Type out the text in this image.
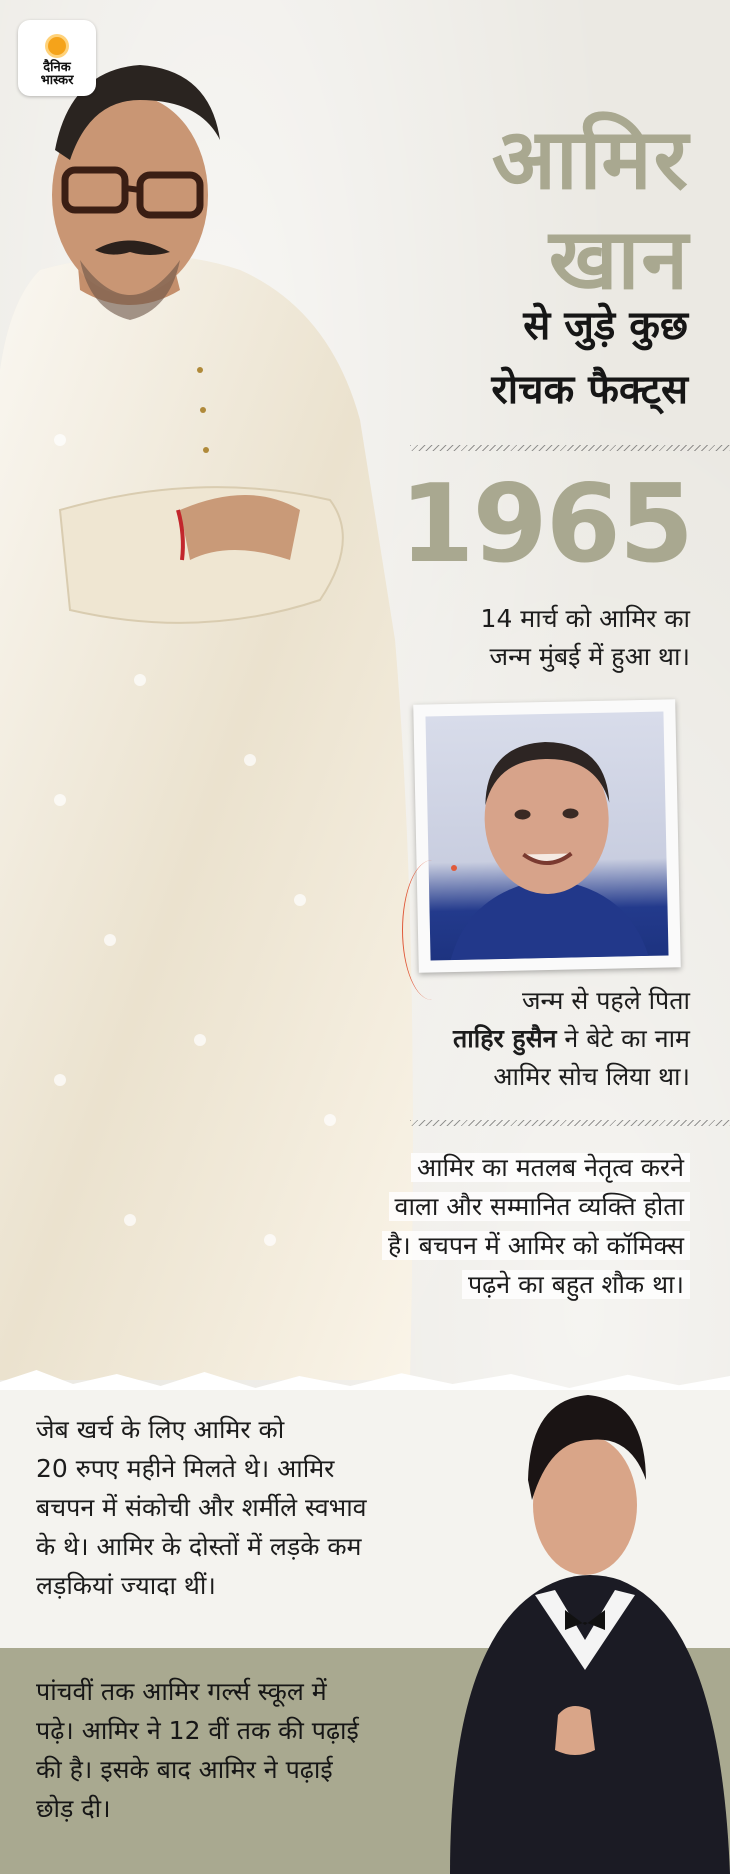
दैनिक
भास्कर
आमिर
खान
से जुड़े कुछ
रोचक फैक्ट्स
1965
14 मार्च को आमिर का
जन्म मुंबई में हुआ था।
जन्म से पहले पिता
ताहिर हुसैन ने बेटे का नाम
आमिर सोच लिया था।
आमिर का मतलब नेतृत्व करने
वाला और सम्मानित व्यक्ति होता
है। बचपन में आमिर को कॉमिक्स
पढ़ने का बहुत शौक था।
जेब खर्च के लिए आमिर को
20 रुपए महीने मिलते थे। आमिर
बचपन में संकोची और शर्मीले स्वभाव
के थे। आमिर के दोस्तों में लड़के कम
लड़कियां ज्यादा थीं।
पांचवीं तक आमिर गर्ल्स स्कूल में
पढ़े। आमिर ने 12 वीं तक की पढ़ाई
की है। इसके बाद आमिर ने पढ़ाई
छोड़ दी।
